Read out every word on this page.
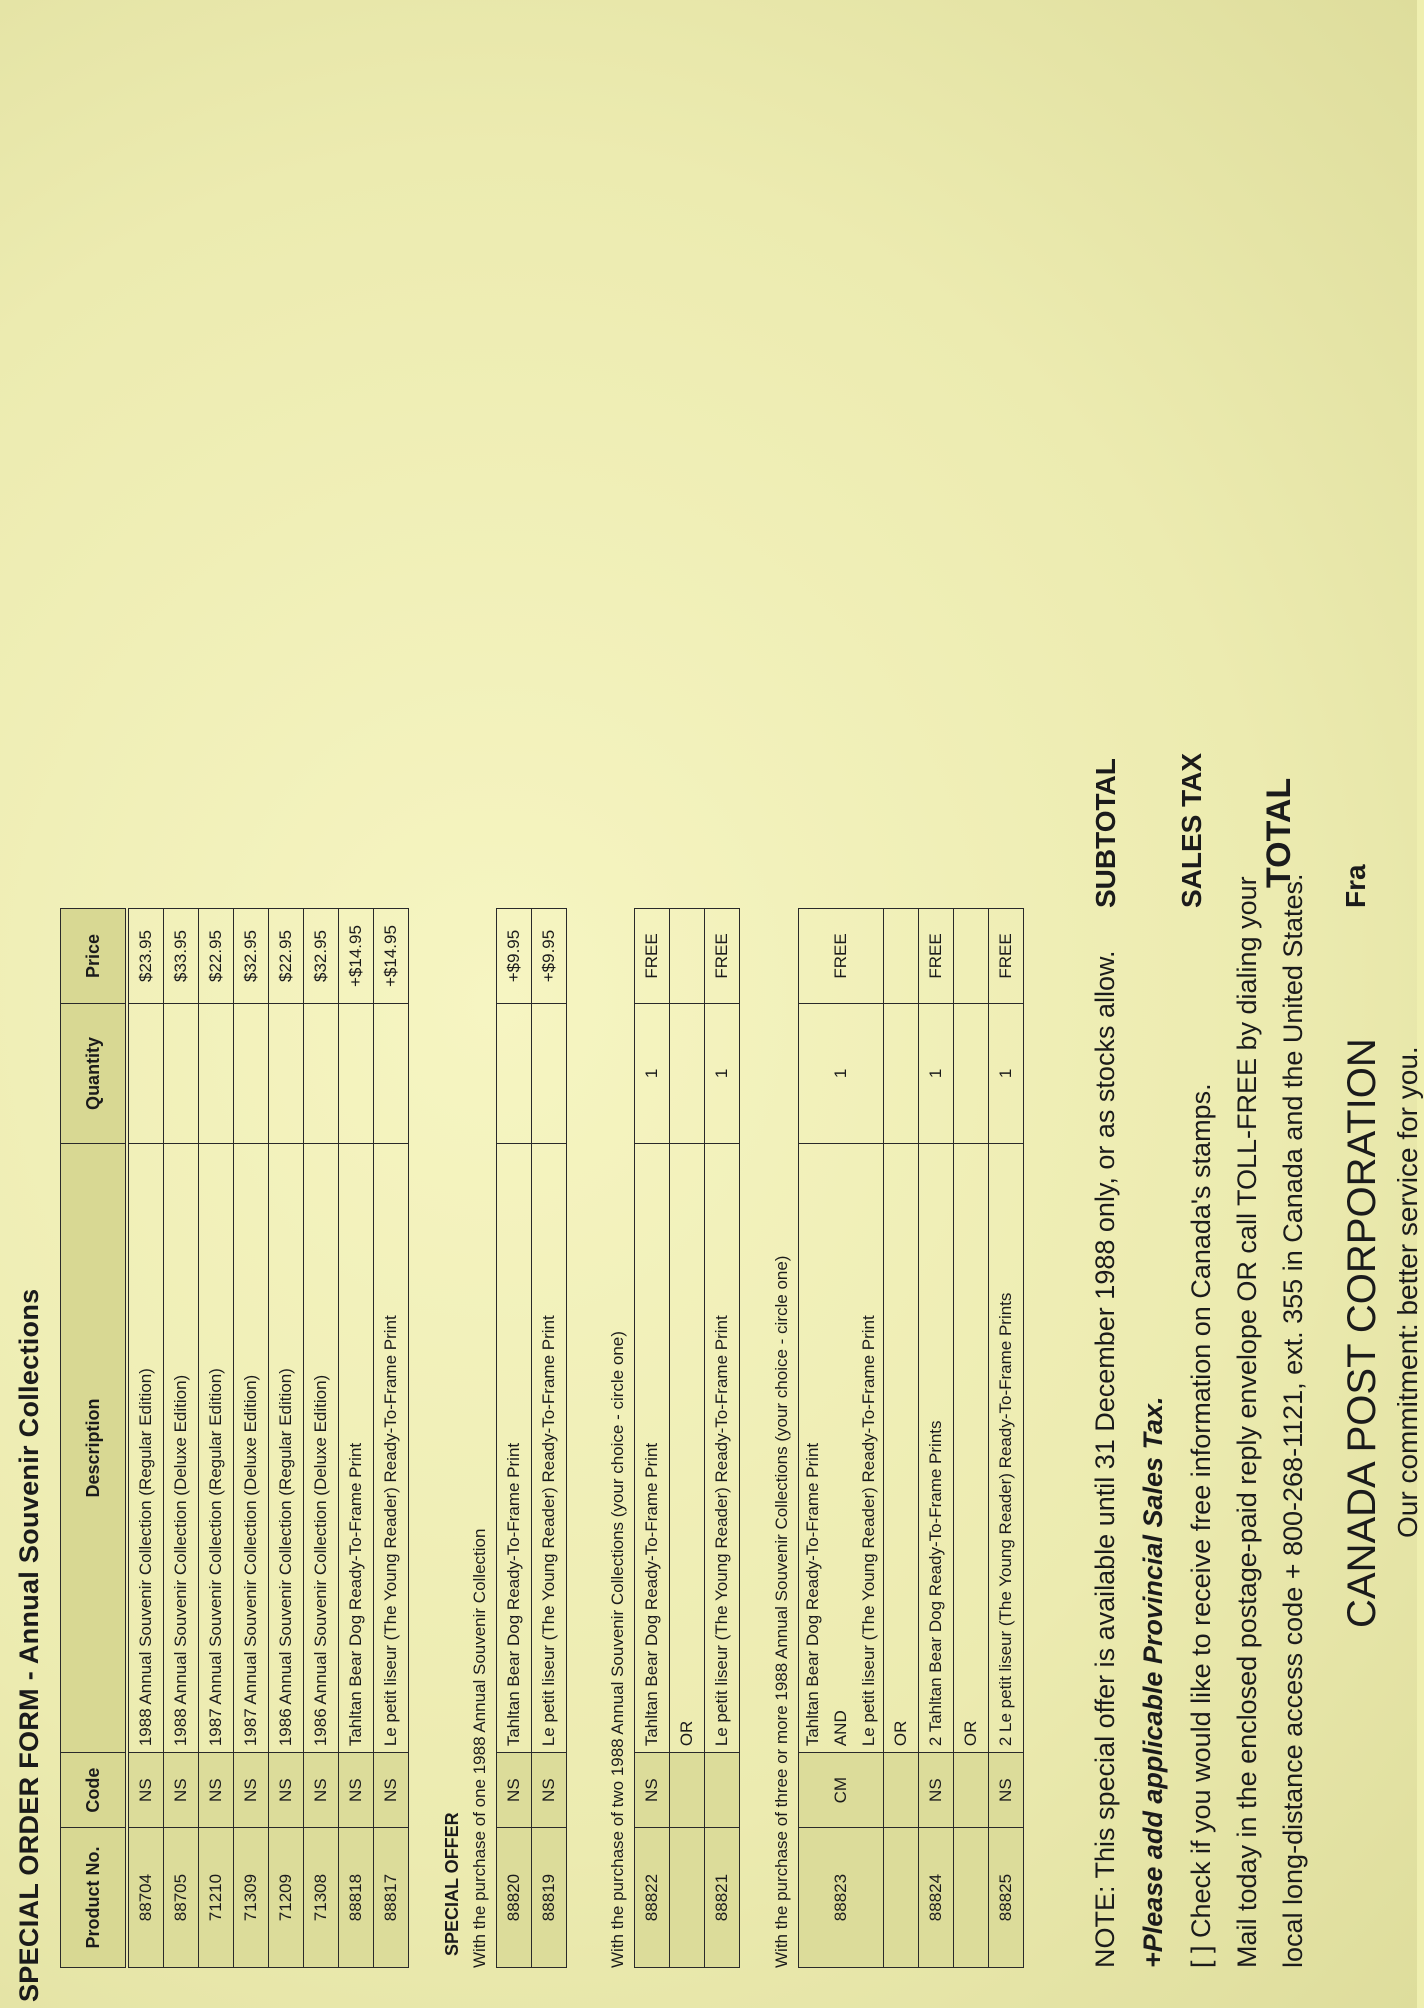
SPECIAL ORDER FORM - Annual Souvenir Collections Product No.	Code	Description	Quantity	Price
88704	NS	1988 Annual Souvenir Collection (Regular Edition)		$23.95
88705	NS	1988 Annual Souvenir Collection (Deluxe Edition)		$33.95
71210	NS	1987 Annual Souvenir Collection (Regular Edition)		$22.95
71309	NS	1987 Annual Souvenir Collection (Deluxe Edition)		$32.95
71209	NS	1986 Annual Souvenir Collection (Regular Edition)		$22.95
71308	NS	1986 Annual Souvenir Collection (Deluxe Edition)		$32.95
88818	NS	Tahltan Bear Dog Ready-To-Frame Print		+$14.95
88817	NS	Le petit liseur (The Young Reader) Ready-To-Frame Print		+$14.95
SPECIAL OFFER With the purchase of one 1988 Annual Souvenir Collection 88820	NS	Tahltan Bear Dog Ready-To-Frame Print		+$9.95
88819	NS	Le petit liseur (The Young Reader) Ready-To-Frame Print		+$9.95
With the purchase of two 1988 Annual Souvenir Collections (your choice - circle one) 88822	NS	Tahltan Bear Dog Ready-To-Frame Print	1	FREE
		OR		
88821		Le petit liseur (The Young Reader) Ready-To-Frame Print	1	FREE
With the purchase of three or more 1988 Annual Souvenir Collections (your choice - circle one) 88823	CM	Tahltan Bear Dog Ready-To-Frame Print AND Le petit liseur (The Young Reader) Ready-To-Frame Print	1	FREE
		OR		
88824	NS	2 Tahltan Bear Dog Ready-To-Frame Prints	1	FREE
		OR		
88825	NS	2 Le petit liseur (The Young Reader) Ready-To-Frame Prints	1	FREE	NOTE: This special offer is available until 31 December 1988 only, or as stocks allow. +Please add applicable Provincial Sales Tax. [ ] Check if you would like to receive free information on Canada's stamps. Mail today in the enclosed postage-paid reply envelope OR call TOLL-FREE by dialing your local long-distance access code + 800-268-1121, ext. 355 in Canada and the United States. CANADA POST CORPORATION Our commitment: better service for you.
SUBTOTAL SALES TAX TOTAL Fra
